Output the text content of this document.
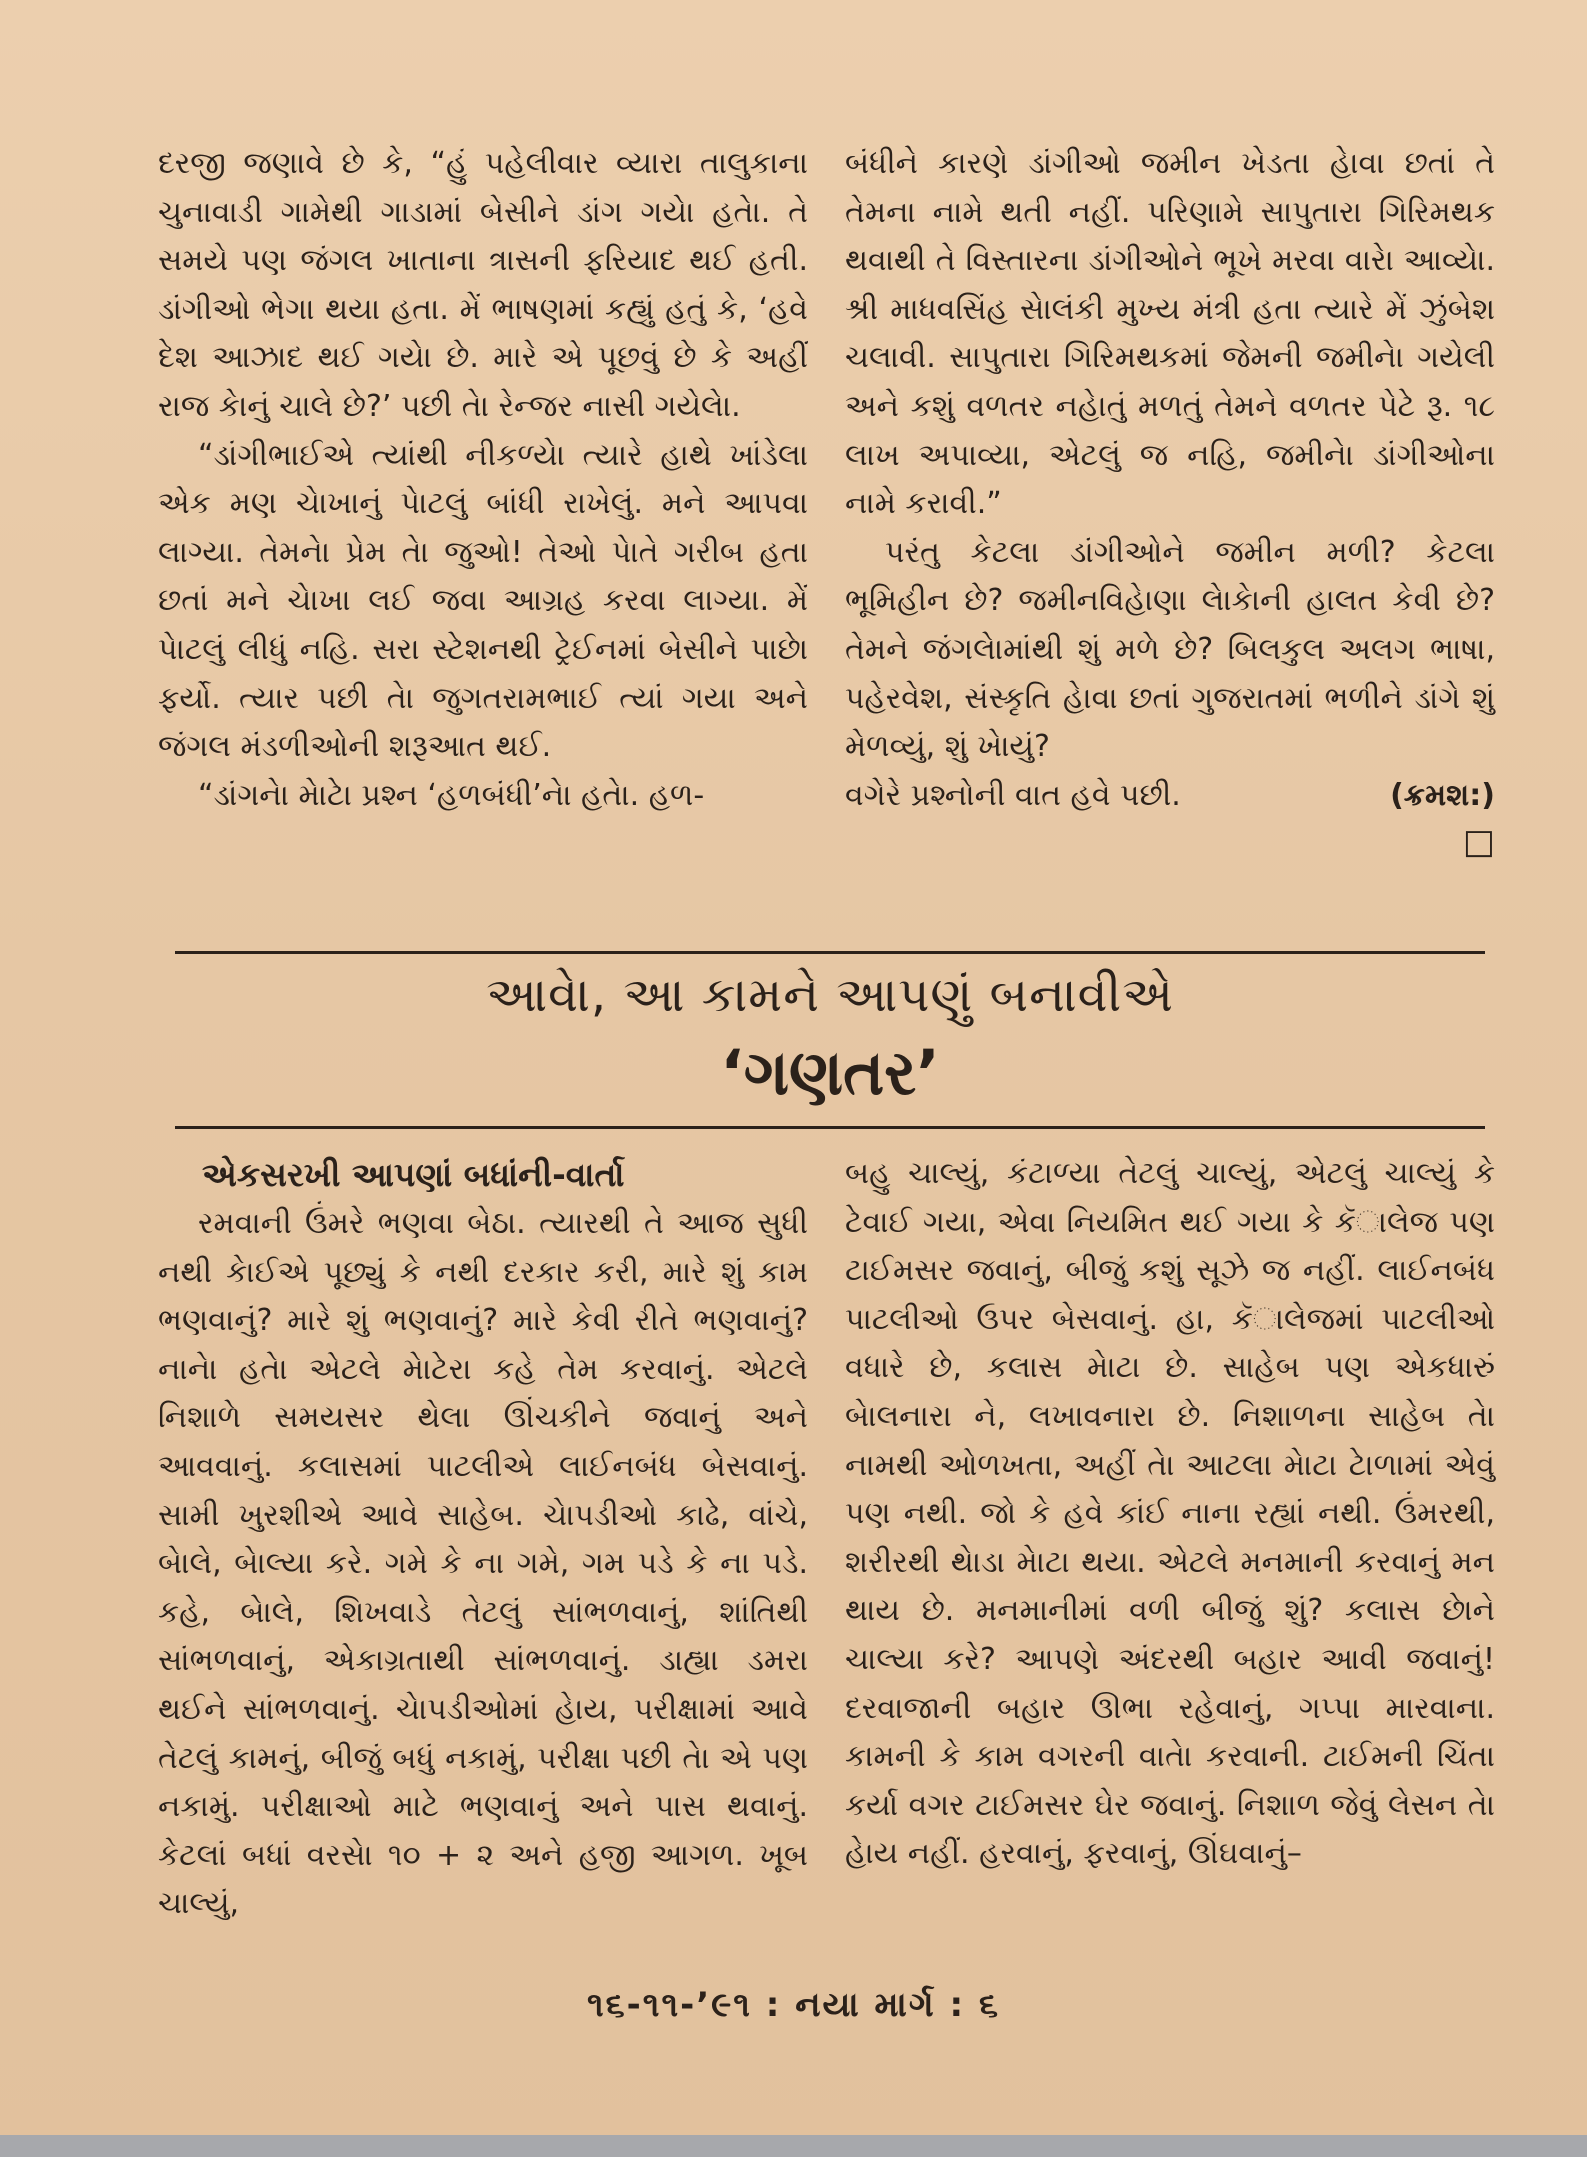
દરજી જણાવે છે કે, “હું પહેલીવાર વ્યારા તાલુકાના ચુનાવાડી ગામેથી ગાડામાં બેસીને ડાંગ ગયેા હતેા. તે સમયે પણ જંગલ ખાતાના ત્રાસની ફરિયાદ થઈ હતી. ડાંગીઓ ભેગા થયા હતા. મેં ભાષણમાં કહ્યું હતું કે, ‘હવે દેશ આઝાદ થઈ ગયેા છે. મારે એ પૂછવું છે કે અહીં રાજ કેાનું ચાલે છે?’ પછી તેા રેન્જર નાસી ગયેલેા.

“ડાંગીભાઈએ ત્યાંથી નીકળ્યેા ત્યારે હાથે ખાંડેલા એક મણ ચેાખાનું પેાટલું બાંધી રાખેલું. મને આપવા લાગ્યા. તેમનેા પ્રેમ તેા જુઓ! તેઓ પેાતે ગરીબ હતા છતાં મને ચેાખા લઈ જવા આગ્રહ કરવા લાગ્યા. મેં પેાટલું લીધું નહિ. સરા સ્ટેશનથી ટ્રેઈનમાં બેસીને પાછેા ફર્યો. ત્યાર પછી તેા જુગતરામભાઈ ત્યાં ગયા અને જંગલ મંડળીઓની શરૂઆત થઈ.

“ડાંગનેા મેાટેા પ્રશ્ન ‘હળબંધી’નેા હતેા. હળ-

બંધીને કારણે ડાંગીઓ જમીન ખેડતા હેાવા છતાં તે તેમના નામે થતી નહીં. પરિણામે સાપુતારા ગિરિમથક થવાથી તે વિસ્તારના ડાંગીઓને ભૂખે મરવા વારેા આવ્યેા. શ્રી માધવસિંહ સેાલંકી મુખ્ય મંત્રી હતા ત્યારે મેં ઝુંબેશ ચલાવી. સાપુતારા ગિરિમથકમાં જેમની જમીનેા ગયેલી અને કશું વળતર નહેાતું મળતું તેમને વળતર પેટે રૂ. ૧૮ લાખ અપાવ્યા, એટલું જ નહિ, જમીનેા ડાંગીઓના નામે કરાવી.”

પરંતુ કેટલા ડાંગીઓને જમીન મળી? કેટલા ભૂમિહીન છે? જમીનવિહેાણા લેાકેાની હાલત કેવી છે? તેમને જંગલેામાંથી શું મળે છે? બિલકુલ અલગ ભાષા, પહેરવેશ, સંસ્કૃતિ હેાવા છતાં ગુજરાતમાં ભળીને ડાંગે શું મેળવ્યું, શું ખેાયું?

વગેરે પ્રશ્નોની વાત હવે પછી.	(ક્રમશ:)
□
આવેા, આ કામને આપણું બનાવીએ
‘ગણતર’
એકસરખી આપણાં બધાંની-વાર્તા

રમવાની ઉંમરે ભણવા બેઠા. ત્યારથી તે આજ સુધી નથી કેાઈએ પૂછ્યું કે નથી દરકાર કરી, મારે શું કામ ભણવાનું? મારે શું ભણવાનું? મારે કેવી રીતે ભણવાનું? નાનેા હતેા એટલે મેાટેરા કહે તેમ કરવાનું. એટલે નિશાળે સમયસર થેલા ઊંચકીને જવાનું અને આવવાનું. કલાસમાં પાટલીએ લાઈનબંધ બેસવાનું. સામી ખુરશીએ આવે સાહેબ. ચેાપડીઓ કાઢે, વાંચે, બેાલે, બેાલ્યા કરે. ગમે કે ના ગમે, ગમ પડે કે ના પડે. કહે, બેાલે, શિખવાડે તેટલું સાંભળવાનું, શાંતિથી સાંભળવાનું, એકાગ્રતાથી સાંભળવાનું. ડાહ્યા ડમરા થઈને સાંભળવાનું. ચેાપડીઓમાં હેાય, પરીક્ષામાં આવે તેટલું કામનું, બીજું બધું નકામું, પરીક્ષા પછી તેા એ પણ નકામું. પરીક્ષાઓ માટે ભણવાનું અને પાસ થવાનું. કેટલાં બધાં વરસેા ૧૦ + ૨ અને હજી આગળ. ખૂબ ચાલ્યું,

બહુ ચાલ્યું, કંટાળ્યા તેટલું ચાલ્યું, એટલું ચાલ્યું કે ટેવાઈ ગયા, એવા નિયમિત થઈ ગયા કે કૅાલેજ પણ ટાઈમસર જવાનું, બીજું કશું સૂઝે જ નહીં. લાઈનબંધ પાટલીઓ ઉપર બેસવાનું. હા, કૅાલેજમાં પાટલીઓ વધારે છે, કલાસ મેાટા છે. સાહેબ પણ એકધારું બેાલનારા ને, લખાવનારા છે. નિશાળના સાહેબ તેા નામથી ઓળખતા, અહીં તેા આટલા મેાટા ટેાળામાં એવું પણ નથી. જો કે હવે કાંઈ નાના રહ્યાં નથી. ઉંમરથી, શરીરથી થેાડા મેાટા થયા. એટલે મનમાની કરવાનું મન થાય છે. મનમાનીમાં વળી બીજું શું? કલાસ છેાને ચાલ્યા કરે? આપણે અંદરથી બહાર આવી જવાનું! દરવાજાની બહાર ઊભા રહેવાનું, ગપ્પા મારવાના. કામની કે કામ વગરની વાતેા કરવાની. ટાઈમની ચિંતા કર્યા વગર ટાઈમસર ઘેર જવાનું. નિશાળ જેવું લેસન તેા હેાય નહીં. હરવાનું, ફરવાનું, ઊંઘવાનું–

૧૬-૧૧-’૯૧ : નયા માર્ગ : ૬
